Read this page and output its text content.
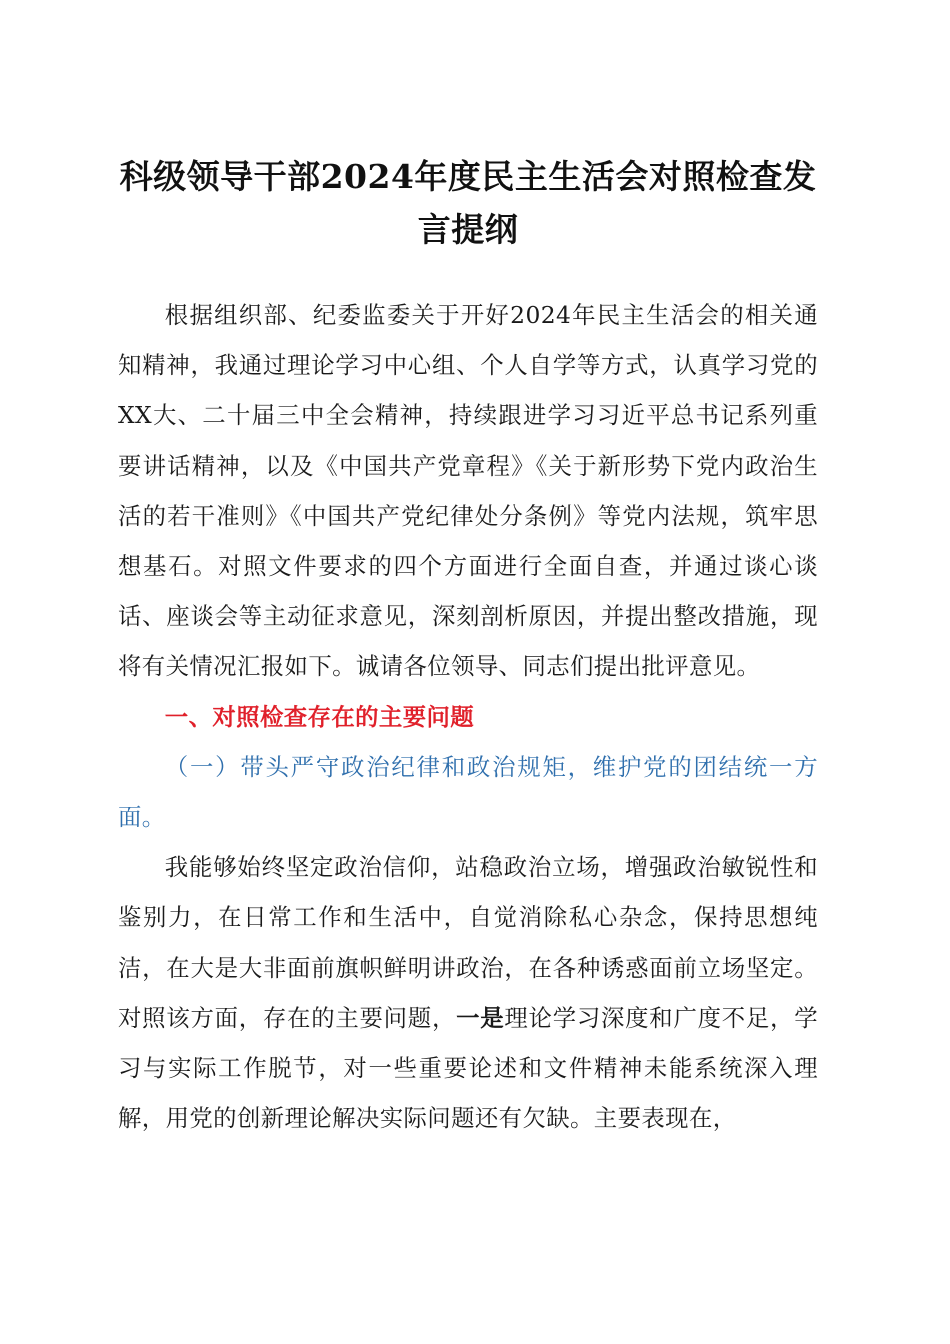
科级领导干部2024年度民主生活会对照检查发言提纲

根据组织部、纪委监委关于开好2024年民主生活会的相关通知精神，我通过理论学习中心组、个人自学等方式，认真学习党的XX大、二十届三中全会精神，持续跟进学习习近平总书记系列重要讲话精神，以及《中国共产党章程》《关于新形势下党内政治生活的若干准则》《中国共产党纪律处分条例》等党内法规，筑牢思想基石。对照文件要求的四个方面进行全面自查，并通过谈心谈话、座谈会等主动征求意见，深刻剖析原因，并提出整改措施，现将有关情况汇报如下。诚请各位领导、同志们提出批评意见。

一、对照检查存在的主要问题

（一）带头严守政治纪律和政治规矩，维护党的团结统一方面。

我能够始终坚定政治信仰，站稳政治立场，增强政治敏锐性和鉴别力，在日常工作和生活中，自觉消除私心杂念，保持思想纯洁，在大是大非面前旗帜鲜明讲政治，在各种诱惑面前立场坚定。对照该方面，存在的主要问题，一是理论学习深度和广度不足，学习与实际工作脱节，对一些重要论述和文件精神未能系统深入理解，用党的创新理论解决实际问题还有欠缺。主要表现在，
